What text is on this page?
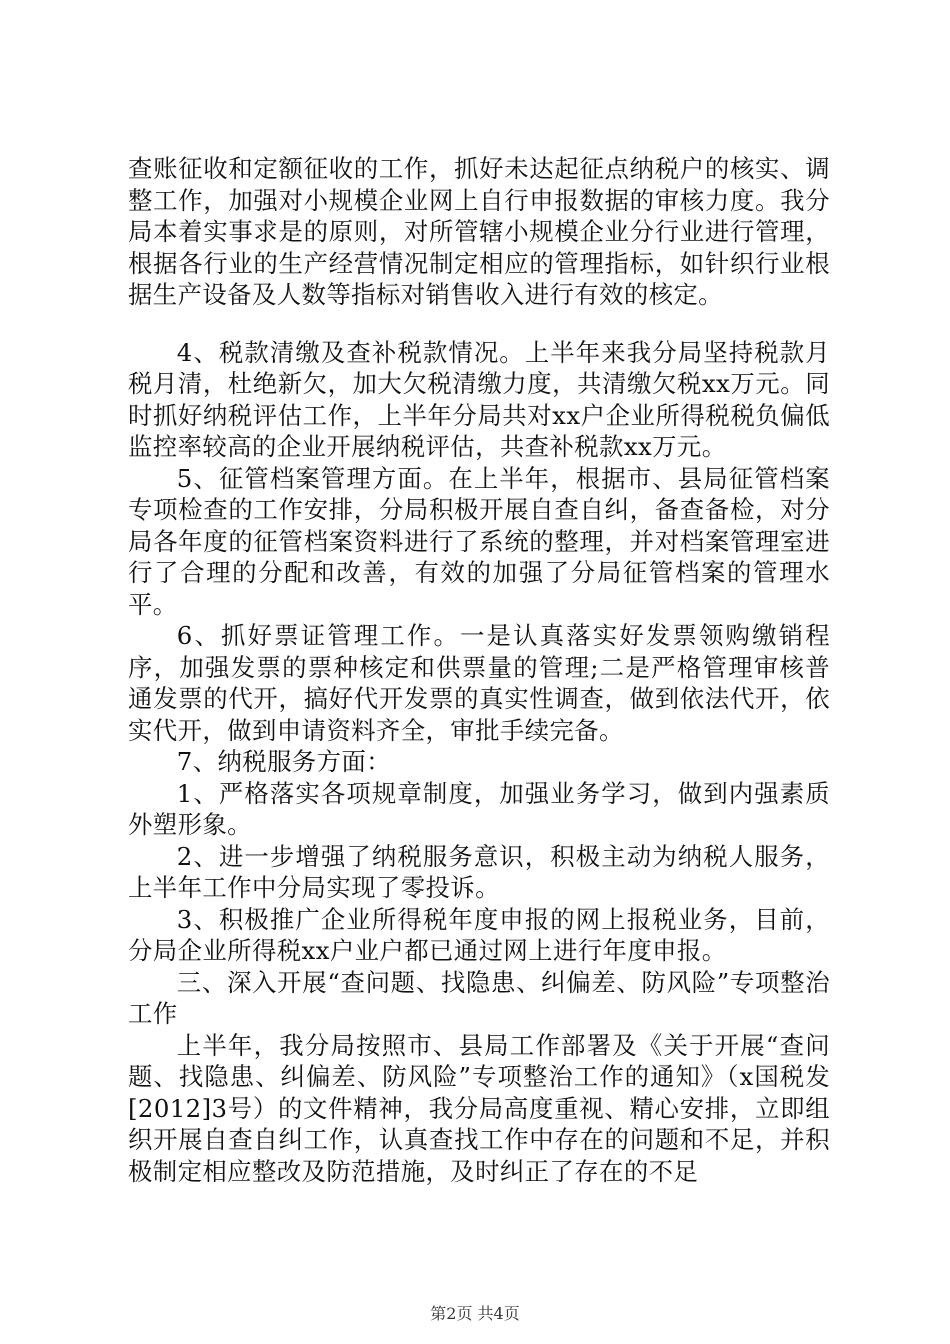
查账征收和定额征收的工作，抓好未达起征点纳税户的核实、调整工作，加强对小规模企业网上自行申报数据的审核力度。我分局本着实事求是的原则，对所管辖小规模企业分行业进行管理，根据各行业的生产经营情况制定相应的管理指标，如针织行业根据生产设备及人数等指标对销售收入进行有效的核定。

4、税款清缴及查补税款情况。上半年来我分局坚持税款月税月清，杜绝新欠，加大欠税清缴力度，共清缴欠税xx万元。同时抓好纳税评估工作，上半年分局共对xx户企业所得税税负偏低监控率较高的企业开展纳税评估，共查补税款xx万元。

5、征管档案管理方面。在上半年，根据市、县局征管档案专项检查的工作安排，分局积极开展自查自纠，备查备检，对分局各年度的征管档案资料进行了系统的整理，并对档案管理室进行了合理的分配和改善，有效的加强了分局征管档案的管理水平。

6、抓好票证管理工作。一是认真落实好发票领购缴销程序，加强发票的票种核定和供票量的管理;二是严格管理审核普通发票的代开，搞好代开发票的真实性调查，做到依法代开，依实代开，做到申请资料齐全，审批手续完备。

7、纳税服务方面：

1、严格落实各项规章制度，加强业务学习，做到内强素质外塑形象。

2、进一步增强了纳税服务意识，积极主动为纳税人服务，上半年工作中分局实现了零投诉。

3、积极推广企业所得税年度申报的网上报税业务，目前，分局企业所得税xx户业户都已通过网上进行年度申报。

三、深入开展“查问题、找隐患、纠偏差、防风险”专项整治工作

上半年，我分局按照市、县局工作部署及《关于开展“查问题、找隐患、纠偏差、防风险”专项整治工作的通知》（x国税发[2012]3号）的文件精神，我分局高度重视、精心安排，立即组织开展自查自纠工作，认真查找工作中存在的问题和不足，并积极制定相应整改及防范措施，及时纠正了存在的不足

第2页 共4页
